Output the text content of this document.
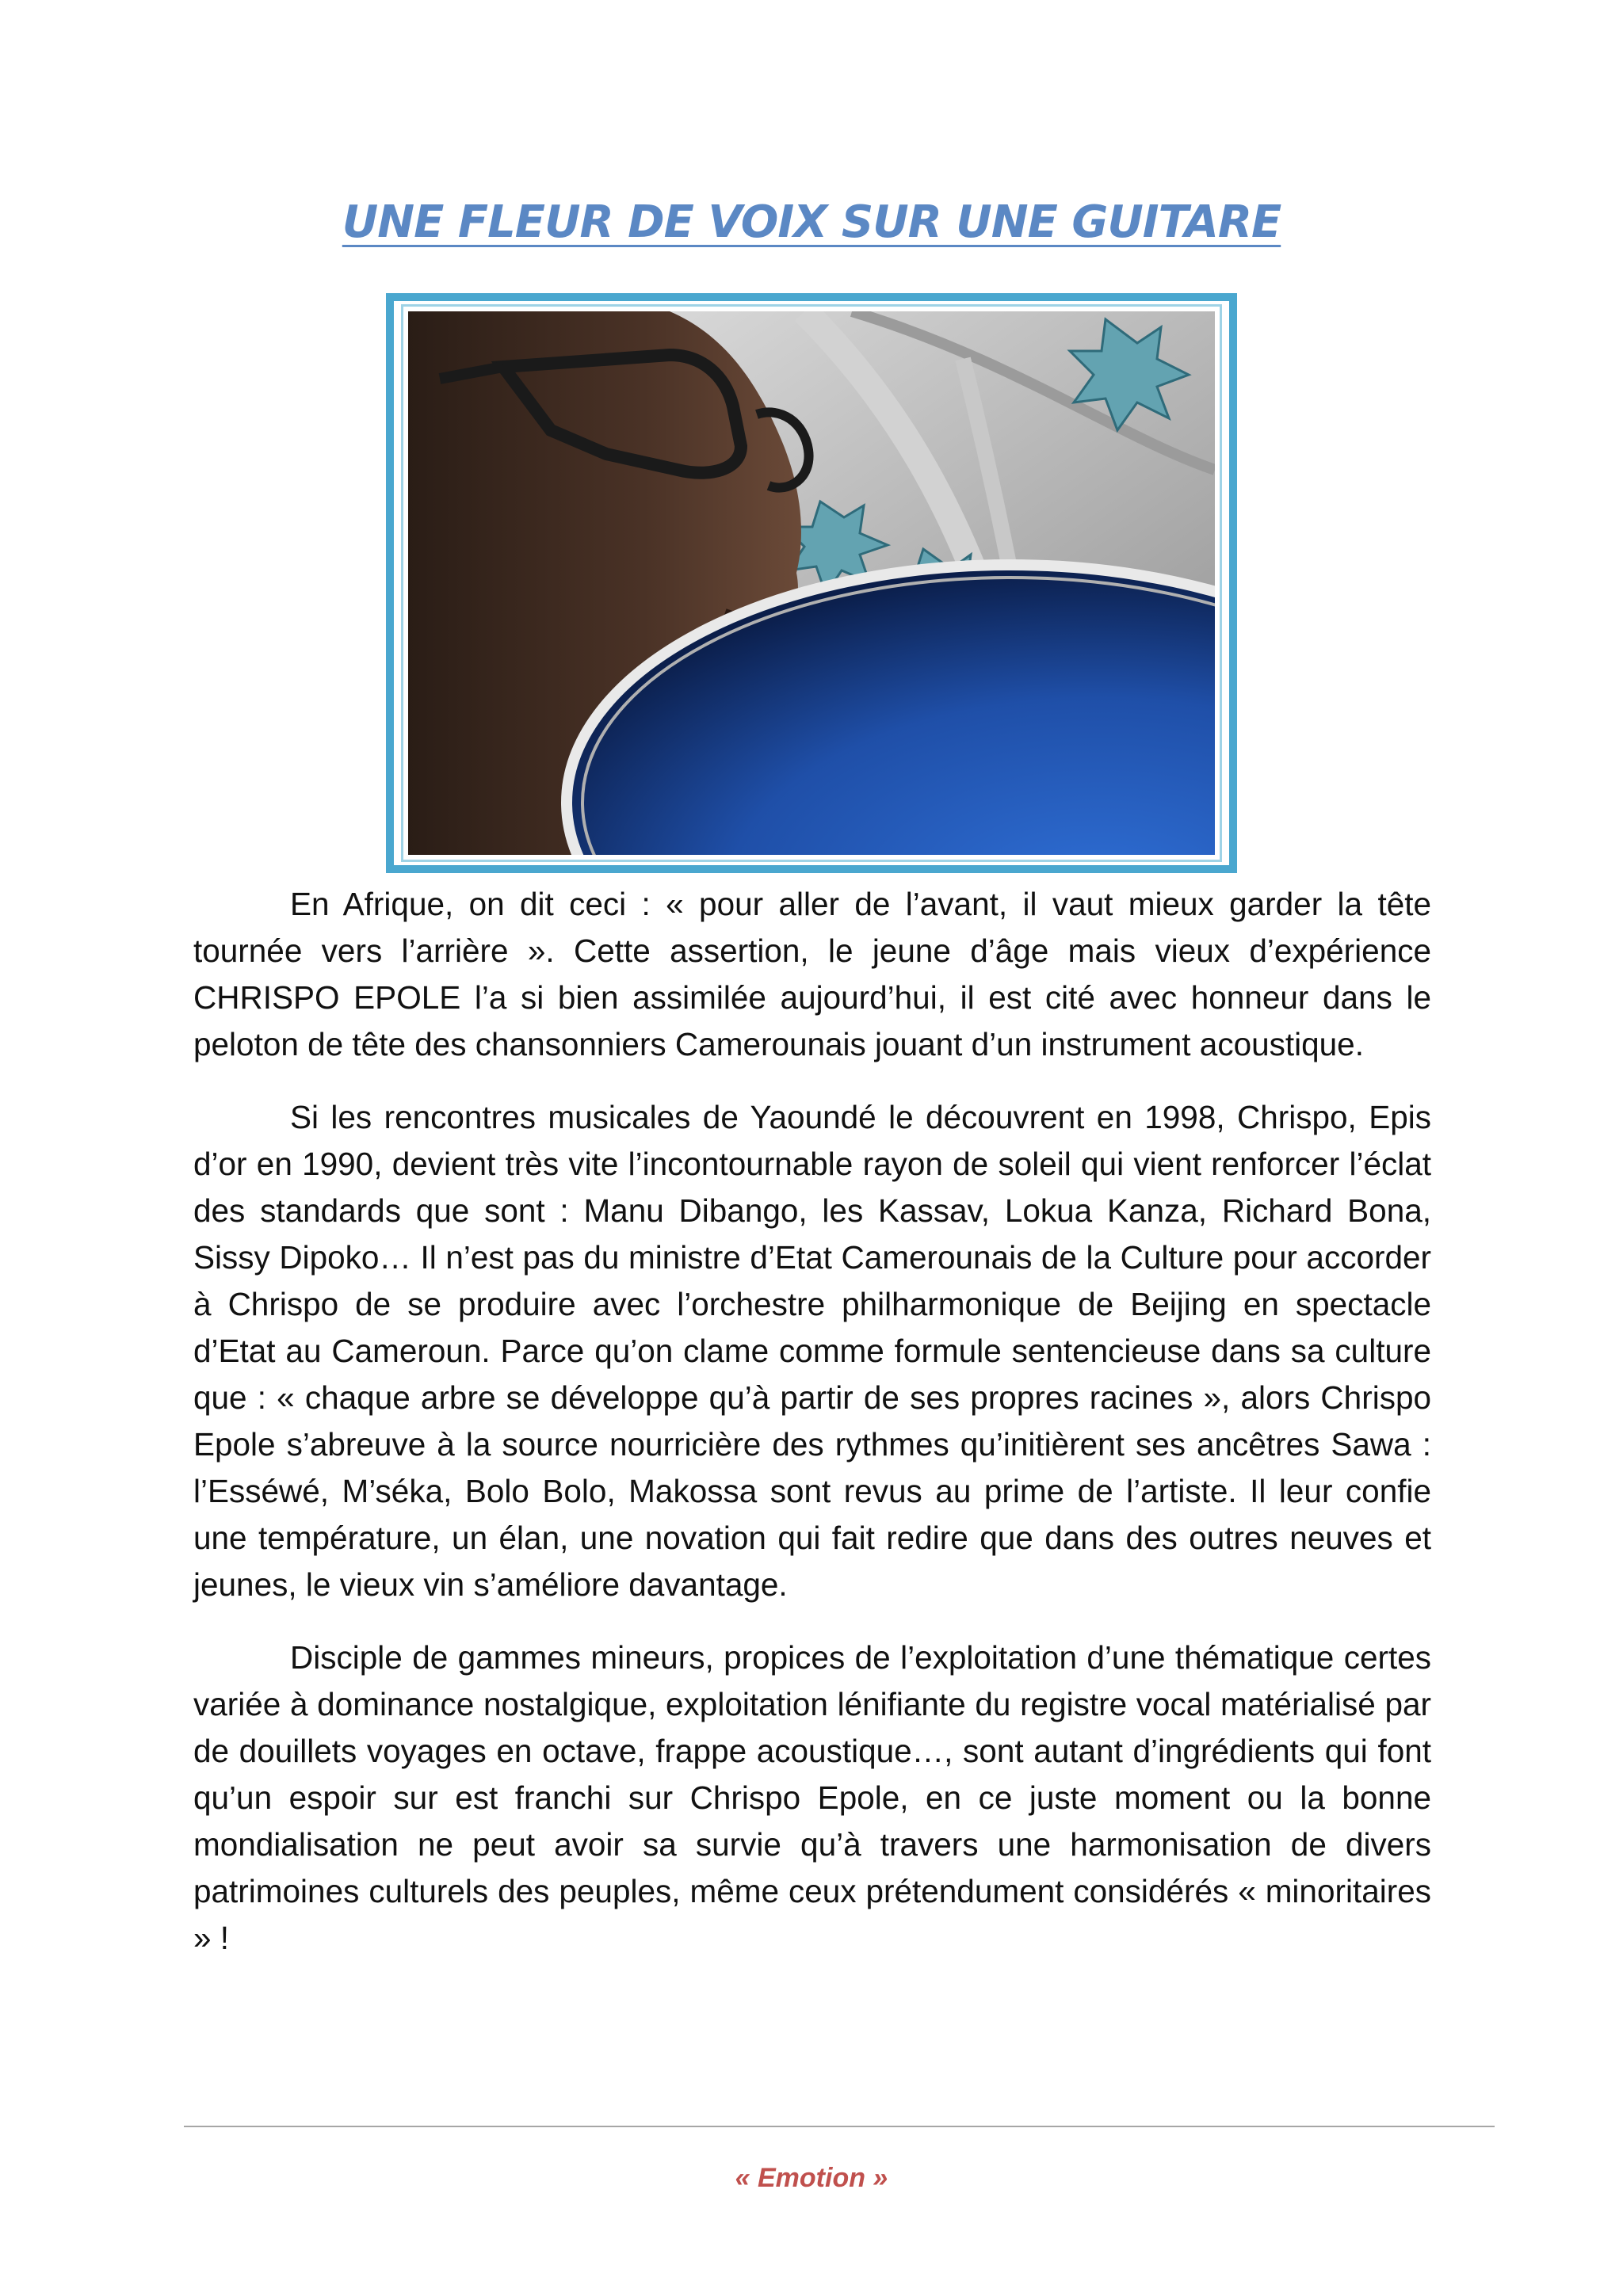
UNE FLEUR DE VOIX SUR UNE GUITARE

En Afrique, on dit ceci : « pour aller de l’avant, il vaut mieux garder la tête tournée vers l’arrière ». Cette assertion, le jeune d’âge mais vieux d’expérience CHRISPO EPOLE l’a si bien assimilée aujourd’hui, il est cité avec honneur dans le peloton de tête des chansonniers Camerounais jouant d’un instrument acoustique.

Si les rencontres musicales de Yaoundé le découvrent en 1998, Chrispo, Epis d’or en 1990, devient très vite l’incontournable rayon de soleil qui vient renforcer l’éclat des standards que sont : Manu Dibango, les Kassav, Lokua Kanza, Richard Bona, Sissy Dipoko… Il n’est pas du ministre d’Etat Camerounais de la Culture pour accorder à Chrispo de se produire avec l’orchestre philharmonique de Beijing en spectacle d’Etat au Cameroun. Parce qu’on clame comme formule sentencieuse dans sa culture que : « chaque arbre se développe qu’à partir de ses propres racines », alors Chrispo Epole s’abreuve à la source nourricière des rythmes qu’initièrent ses ancêtres Sawa : l’Esséwé, M’séka, Bolo Bolo, Makossa sont revus au prime de l’artiste. Il leur confie une température, un élan, une novation qui fait redire que dans des outres neuves et jeunes, le vieux vin s’améliore davantage.

Disciple de gammes mineurs, propices de l’exploitation d’une thématique certes variée à dominance nostalgique, exploitation lénifiante du registre vocal matérialisé par de douillets voyages en octave, frappe acoustique…, sont autant d’ingrédients qui font qu’un espoir sur est franchi sur Chrispo Epole, en ce juste moment ou la bonne mondialisation ne peut avoir sa survie qu’à travers une harmonisation de divers patrimoines culturels des peuples, même ceux prétendument considérés « minoritaires » !

« Emotion »
